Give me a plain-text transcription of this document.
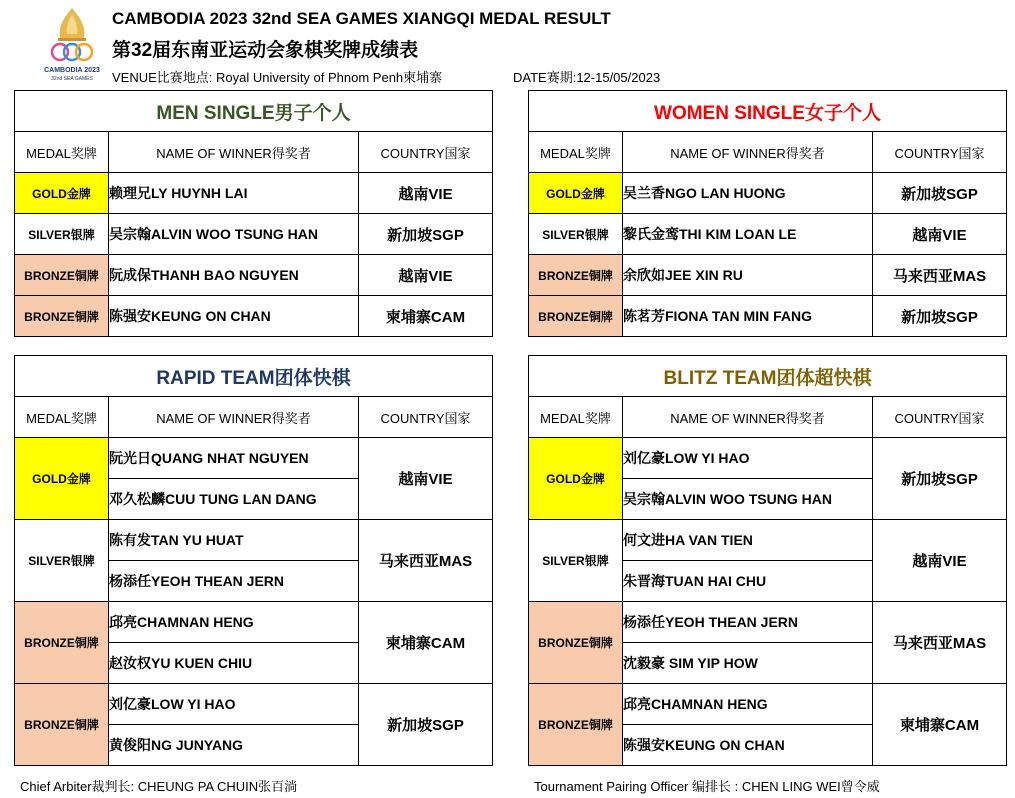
CAMBODIA 2023
32nd SEA GAMES
CAMBODIA 2023 32nd SEA GAMES XIANGQI MEDAL RESULT
第32届东南亚运动会象棋奖牌成绩表
VENUE比赛地点: Royal University of Phnom Penh柬埔寨	DATE赛期:12-15/05/2023
MEN SINGLE男子个人		
MEDAL奖牌	NAME OF WINNER得奖者	COUNTRY国家
GOLD金牌	赖理兄LY HUYNH LAI	越南VIE
SILVER银牌	吴宗翰ALVIN WOO TSUNG HAN	新加坡SGP
BRONZE铜牌	阮成保THANH BAO NGUYEN	越南VIE
BRONZE铜牌	陈强安KEUNG ON CHAN	柬埔寨CAM
WOMEN SINGLE女子个人		
MEDAL奖牌	NAME OF WINNER得奖者	COUNTRY国家
GOLD金牌	吴兰香NGO LAN HUONG	新加坡SGP
SILVER银牌	黎氏金鸾THI KIM LOAN LE	越南VIE
BRONZE铜牌	余欣如JEE XIN RU	马来西亚MAS
BRONZE铜牌	陈茗芳FIONA TAN MIN FANG	新加坡SGP
RAPID TEAM团体快棋		
MEDAL奖牌	NAME OF WINNER得奖者	COUNTRY国家
GOLD金牌	阮光日QUANG NHAT NGUYEN	越南VIE
	邓久松麟CUU TUNG LAN DANG	
SILVER银牌	陈有发TAN YU HUAT	马来西亚MAS
	杨添任YEOH THEAN JERN	
BRONZE铜牌	邱亮CHAMNAN HENG	柬埔寨CAM
	赵汝权YU KUEN CHIU	
BRONZE铜牌	刘亿豪LOW YI HAO	新加坡SGP
	黄俊阳NG JUNYANG	
BLITZ TEAM团体超快棋		
MEDAL奖牌	NAME OF WINNER得奖者	COUNTRY国家
GOLD金牌	刘亿豪LOW YI HAO	新加坡SGP
	吴宗翰ALVIN WOO TSUNG HAN	
SILVER银牌	何文进HA VAN TIEN	越南VIE
	朱晋海TUAN HAI CHU	
BRONZE铜牌	杨添任YEOH THEAN JERN	马来西亚MAS
	沈毅豪 SIM YIP HOW	
BRONZE铜牌	邱亮CHAMNAN HENG	柬埔寨CAM
	陈强安KEUNG ON CHAN	
Chief Arbiter裁判长: CHEUNG PA CHUIN张百淌	Tournament Pairing Officer 编排长 : CHEN LING WEI曾令威
